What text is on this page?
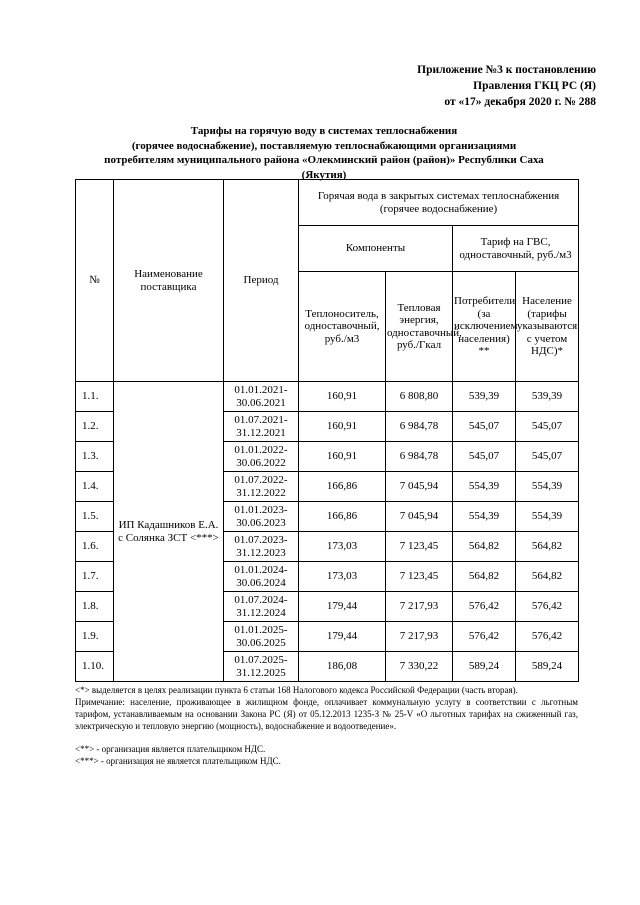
Приложение №3 к постановлению
Правления ГКЦ РС (Я)
от «17» декабря 2020 г. № 288
Тарифы на горячую воду в системах теплоснабжения
(горячее водоснабжение), поставляемую теплоснабжающими организациями
потребителям муниципального района «Олекминский район (район)» Республики Саха
(Якутия)
№	Наименование поставщика	Период	Горячая вода в закрытых системах теплоснабжения (горячее водоснабжение)			
			Компоненты		Тариф на ГВС, одноставочный, руб./м3	
			Теплоноситель, одноставочный, руб./м3	Тепловая энергия, одноставочный, руб./Гкал	Потребители (за исключением населения) **	Население (тарифы указываются с учетом НДС)*
1.1.	ИП Кадашников Е.А. с Солянка ЗСТ <***>	01.01.2021-30.06.2021	160,91	6 808,80	539,39	539,39
1.2.		01.07.2021-31.12.2021	160,91	6 984,78	545,07	545,07
1.3.		01.01.2022-30.06.2022	160,91	6 984,78	545,07	545,07
1.4.		01.07.2022-31.12.2022	166,86	7 045,94	554,39	554,39
1.5.		01.01.2023-30.06.2023	166,86	7 045,94	554,39	554,39
1.6.		01.07.2023-31.12.2023	173,03	7 123,45	564,82	564,82
1.7.		01.01.2024-30.06.2024	173,03	7 123,45	564,82	564,82
1.8.		01.07.2024-31.12.2024	179,44	7 217,93	576,42	576,42
1.9.		01.01.2025-30.06.2025	179,44	7 217,93	576,42	576,42
1.10.		01.07.2025-31.12.2025	186,08	7 330,22	589,24	589,24

<*> выделяется в целях реализации пункта 6 статьи 168 Налогового кодекса Российской Федерации (часть вторая).

Примечание: население, проживающее в жилищном фонде, оплачивает коммунальную услугу в соответствии с льготным тарифом, устанавливаемым на основании Закона РС (Я) от 05.12.2013 1235-З № 25-V «О льготных тарифах на сжиженный газ, электрическую и тепловую энергию (мощность), водоснабжение и водоотведение».

<**> - организация является плательщиком НДС.

<***> - организация не является плательщиком НДС.
